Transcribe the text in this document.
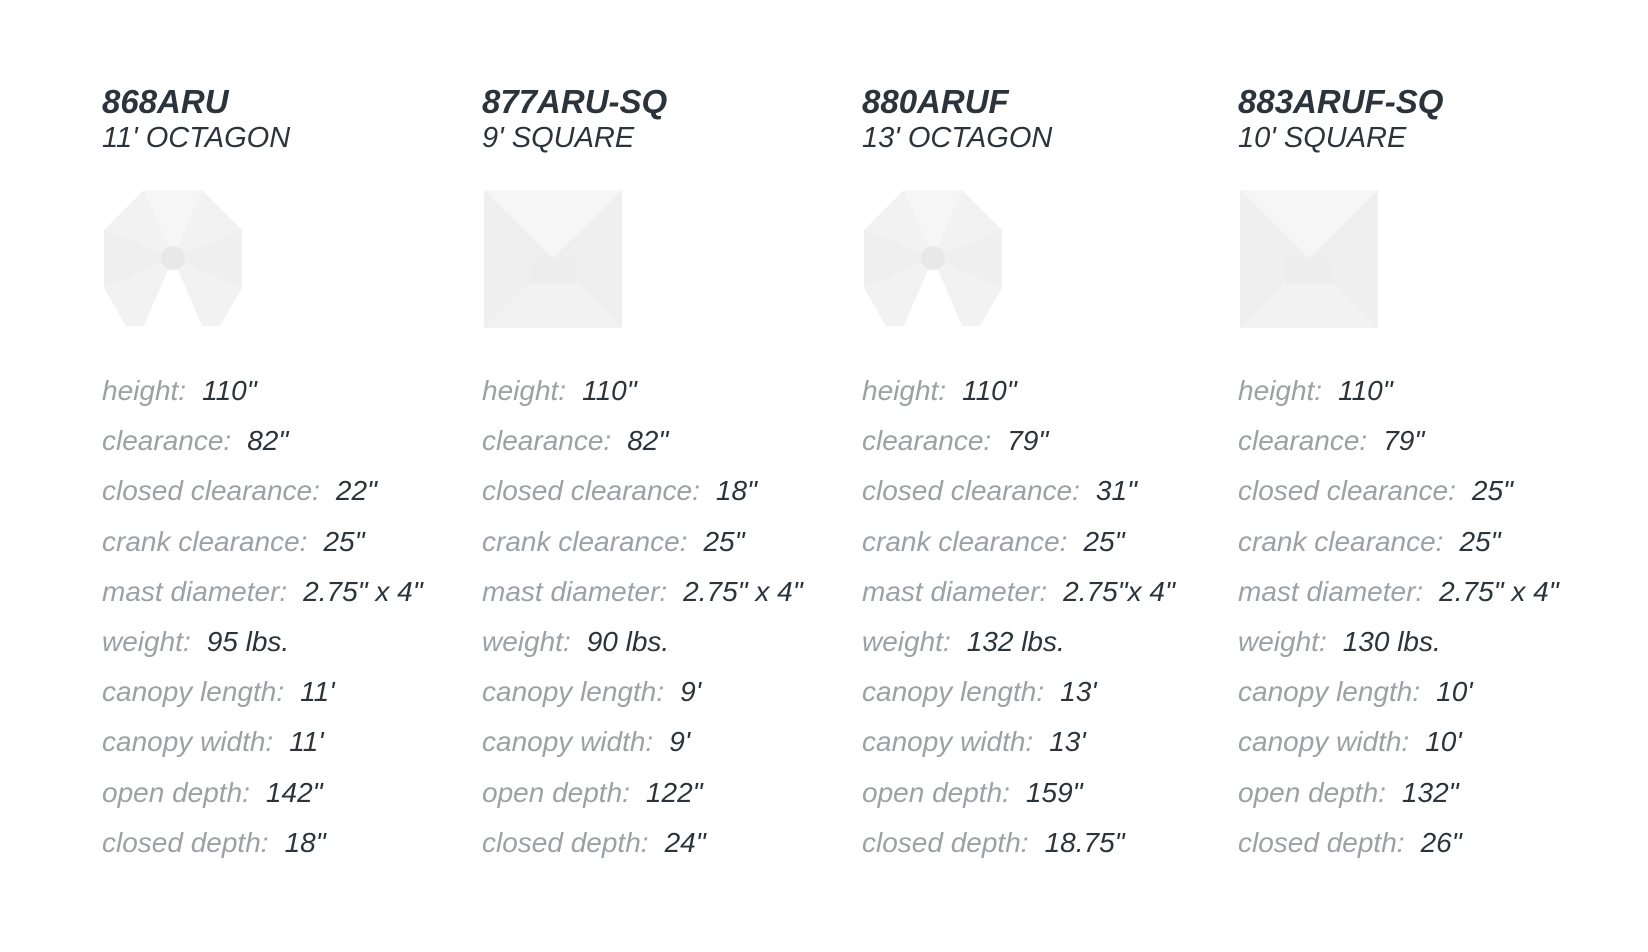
868ARU
11' OCTAGON
height: 110"
clearance: 82"
closed clearance: 22"
crank clearance: 25"
mast diameter: 2.75" x 4"
weight: 95 lbs.
canopy length: 11'
canopy width: 11'
open depth: 142"
closed depth: 18"
877ARU-SQ
9' SQUARE
height: 110"
clearance: 82"
closed clearance: 18"
crank clearance: 25"
mast diameter: 2.75" x 4"
weight: 90 lbs.
canopy length: 9'
canopy width: 9'
open depth: 122"
closed depth: 24"
880ARUF
13' OCTAGON
height: 110"
clearance: 79"
closed clearance: 31"
crank clearance: 25"
mast diameter: 2.75"x 4"
weight: 132 lbs.
canopy length: 13'
canopy width: 13'
open depth: 159"
closed depth: 18.75"
883ARUF-SQ
10' SQUARE
height: 110"
clearance: 79"
closed clearance: 25"
crank clearance: 25"
mast diameter: 2.75" x 4"
weight: 130 lbs.
canopy length: 10'
canopy width: 10'
open depth: 132"
closed depth: 26"
